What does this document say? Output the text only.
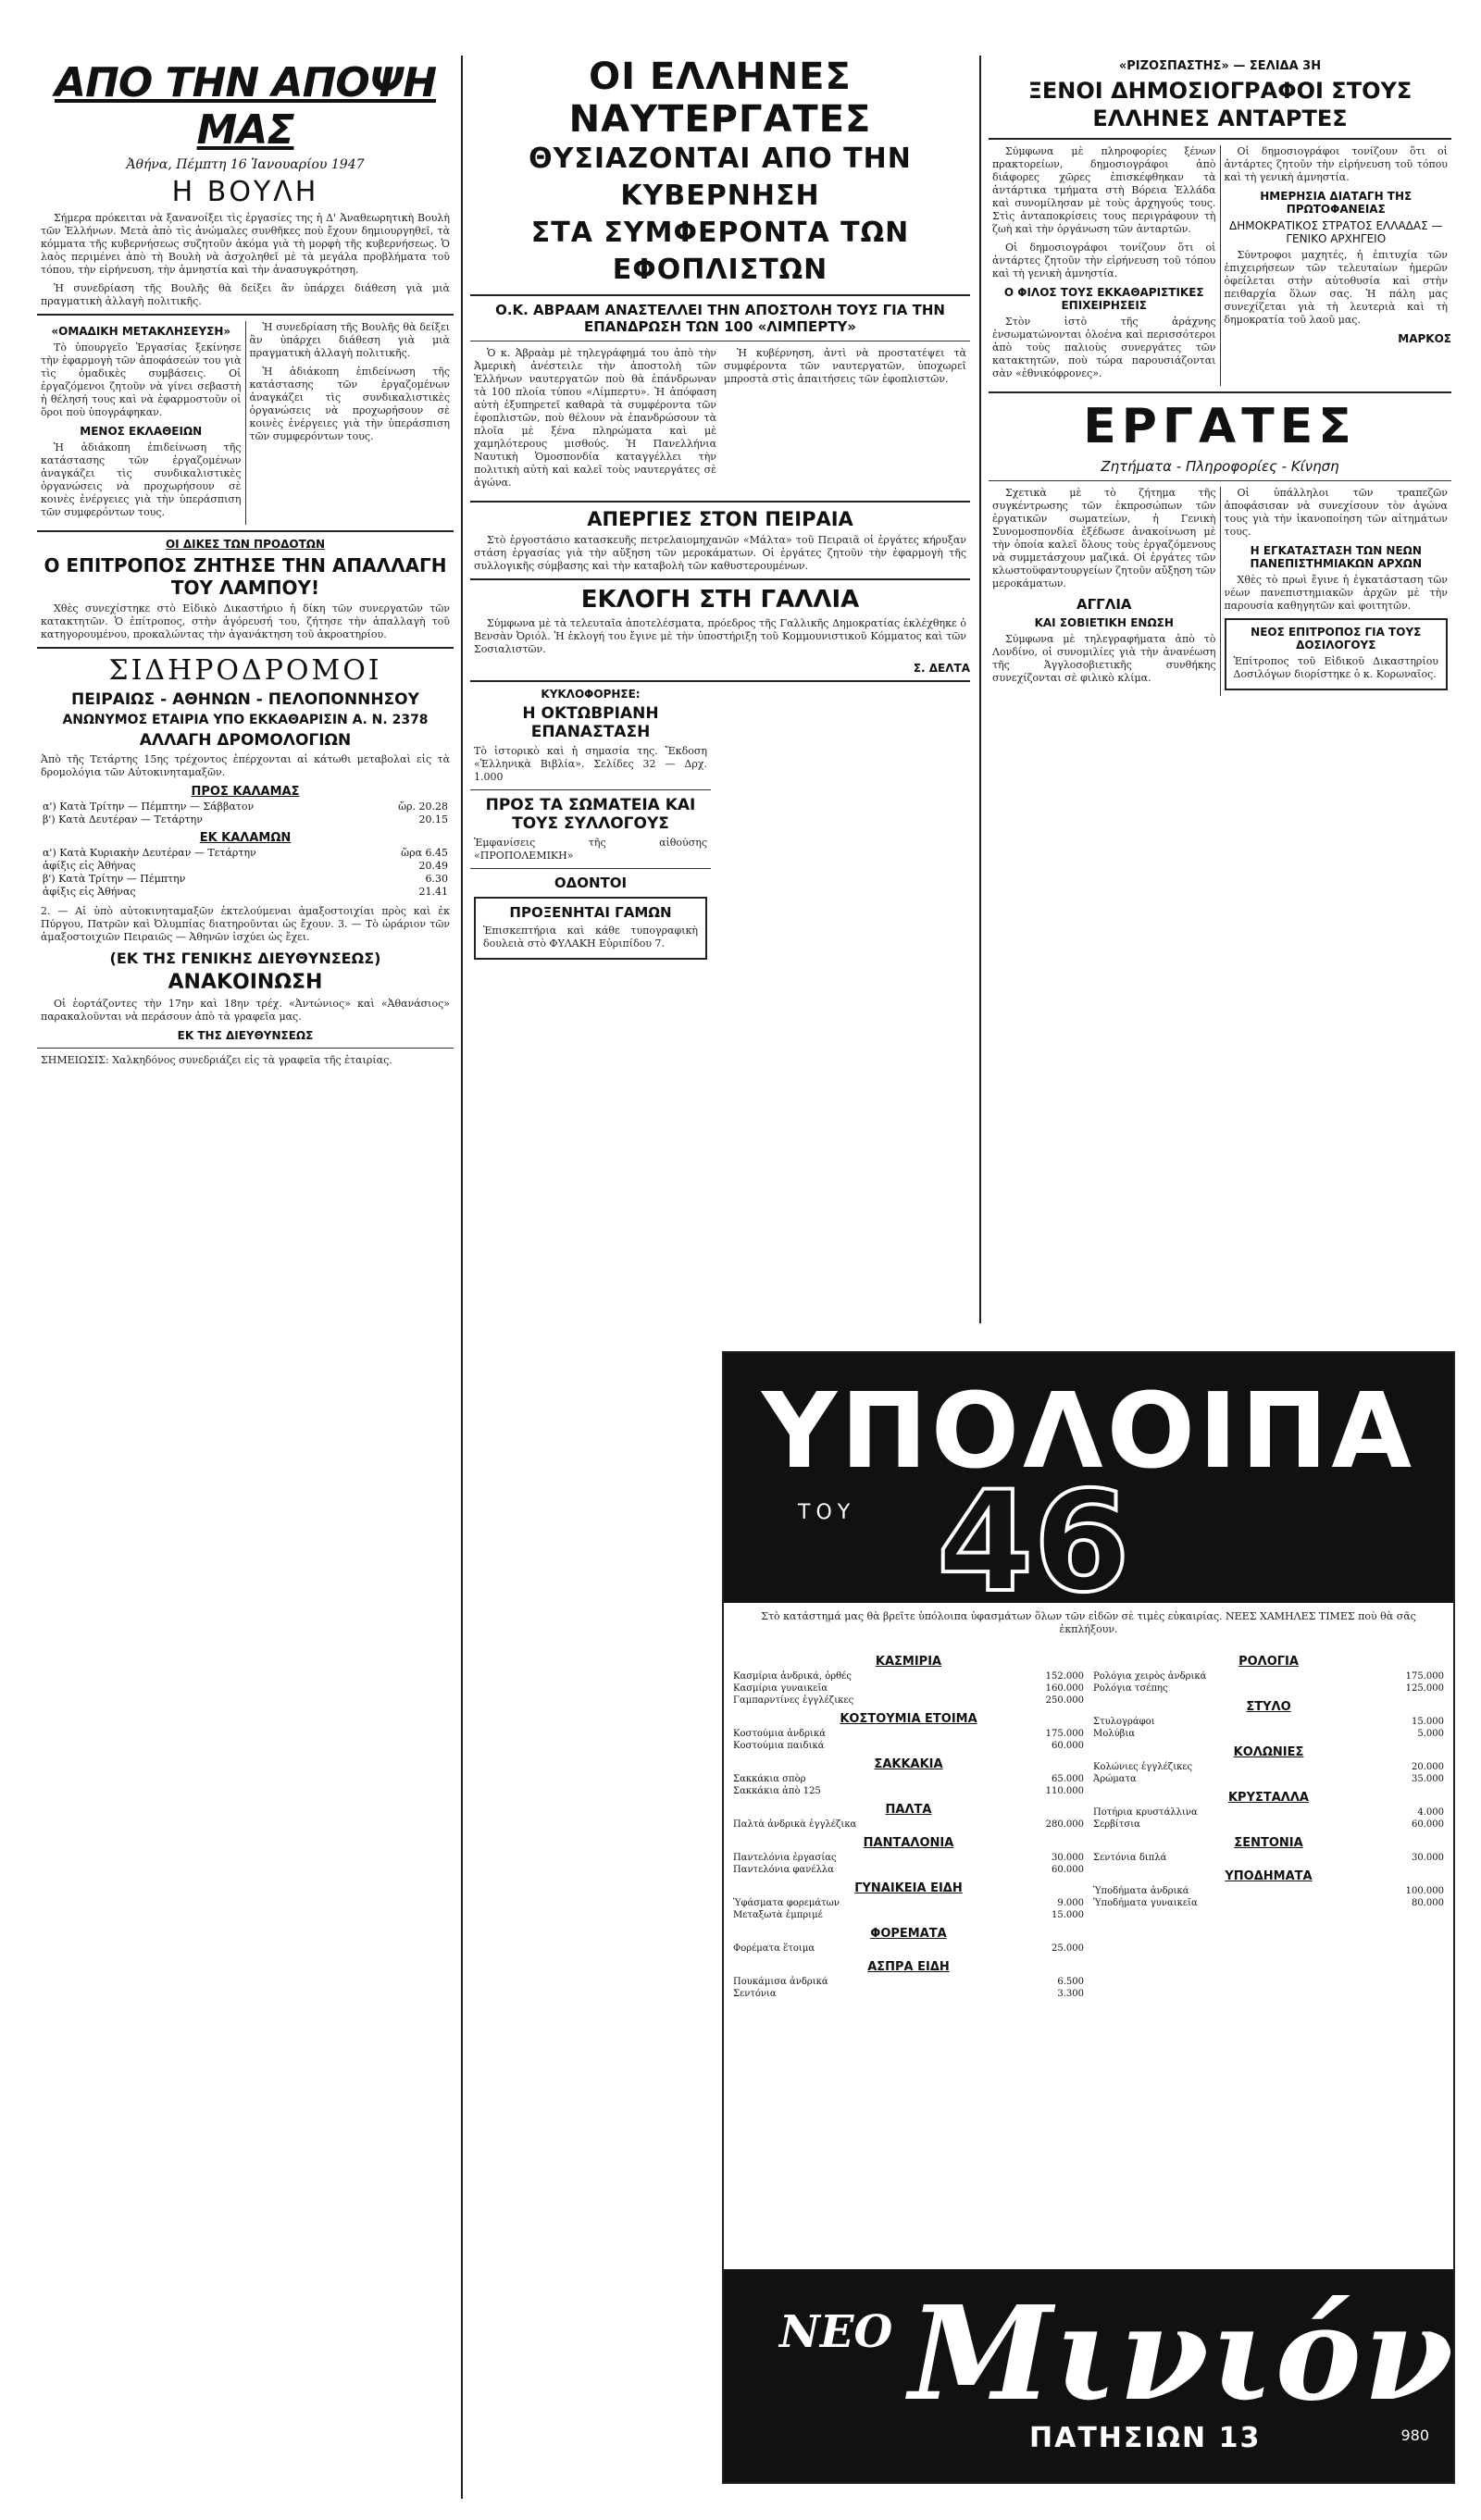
ΑΠΟ ΤΗΝ ΑΠΟΨΗ ΜΑΣ
Ἀθήνα, Πέμπτη 16 Ἰανουαρίου 1947
Η ΒΟΥΛΗ

Σήμερα πρόκειται νὰ ξανανοίξει τὶς ἐργασίες της ἡ Δ' Ἀναθεωρητικὴ Βουλὴ τῶν Ἑλλήνων. Μετὰ ἀπὸ τὶς ἀνώμαλες συνθῆκες ποὺ ἔχουν δημιουργηθεῖ, τὰ κόμματα τῆς κυβερνήσεως συζητοῦν ἀκόμα γιὰ τὴ μορφὴ τῆς κυβερνήσεως. Ὁ λαὸς περιμένει ἀπὸ τὴ Βουλὴ νὰ ἀσχοληθεῖ μὲ τὰ μεγάλα προβλήματα τοῦ τόπου, τὴν εἰρήνευση, τὴν ἀμνηστία καὶ τὴν ἀνασυγκρότηση.

Ἡ συνεδρίαση τῆς Βουλῆς θὰ δείξει ἂν ὑπάρχει διάθεση γιὰ μιὰ πραγματικὴ ἀλλαγὴ πολιτικῆς.

«ΟΜΑΔΙΚΗ ΜΕΤΑΚΛΗΣΕΥΣΗ»

Τὸ ὑπουργεῖο Ἐργασίας ξεκίνησε τὴν ἐφαρμογὴ τῶν ἀποφάσεών του γιὰ τὶς ὁμαδικὲς συμβάσεις. Οἱ ἐργαζόμενοι ζητοῦν νὰ γίνει σεβαστὴ ἡ θέλησή τους καὶ νὰ ἐφαρμοστοῦν οἱ ὅροι ποὺ ὑπογράφηκαν.

ΜΕΝΟΣ ΕΚΛΑΘΕΙΩΝ

Ἡ ἀδιάκοπη ἐπιδείνωση τῆς κατάστασης τῶν ἐργαζομένων ἀναγκάζει τὶς συνδικαλιστικὲς ὀργανώσεις νὰ προχωρήσουν σὲ κοινὲς ἐνέργειες γιὰ τὴν ὑπεράσπιση τῶν συμφερόντων τους.

Ἡ συνεδρίαση τῆς Βουλῆς θὰ δείξει ἂν ὑπάρχει διάθεση γιὰ μιὰ πραγματικὴ ἀλλαγὴ πολιτικῆς.

Ἡ ἀδιάκοπη ἐπιδείνωση τῆς κατάστασης τῶν ἐργαζομένων ἀναγκάζει τὶς συνδικαλιστικὲς ὀργανώσεις νὰ προχωρήσουν σὲ κοινὲς ἐνέργειες γιὰ τὴν ὑπεράσπιση τῶν συμφερόντων τους.

ΟΙ ΔΙΚΕΣ ΤΩΝ ΠΡΟΔΟΤΩΝ
Ο ΕΠΙΤΡΟΠΟΣ ΖΗΤΗΣΕ ΤΗΝ ΑΠΑΛΛΑΓΗ ΤΟΥ ΛΑΜΠΟΥ!

Χθὲς συνεχίστηκε στὸ Εἰδικὸ Δικαστήριο ἡ δίκη τῶν συνεργατῶν τῶν κατακτητῶν. Ὁ ἐπίτροπος, στὴν ἀγόρευσή του, ζήτησε τὴν ἀπαλλαγὴ τοῦ κατηγορουμένου, προκαλώντας τὴν ἀγανάκτηση τοῦ ἀκροατηρίου.

ΣΙΔΗΡΟΔΡΟΜΟΙ
ΠΕΙΡΑΙΩΣ - ΑΘΗΝΩΝ - ΠΕΛΟΠΟΝΝΗΣΟΥ
ΑΝΩΝΥΜΟΣ ΕΤΑΙΡΙΑ ΥΠΟ ΕΚΚΑΘΑΡΙΣΙΝ Α. Ν. 2378
ΑΛΛΑΓΗ ΔΡΟΜΟΛΟΓΙΩΝ

Ἀπὸ τῆς Τετάρτης 15ης τρέχοντος ἐπέρχονται αἱ κάτωθι μεταβολαὶ εἰς τὰ δρομολόγια τῶν Αὐτοκινηταμαξῶν.

ΠΡΟΣ ΚΑΛΑΜΑΣ
α') Κατὰ Τρίτην — Πέμπτην — Σάββατον	ὥρ. 20.28
β') Κατὰ Δευτέραν — Τετάρτην	20.15
ΕΚ ΚΑΛΑΜΩΝ
α') Κατὰ Κυριακὴν Δευτέραν — Τετάρτην	ὥρα 6.45
ἀφίξις εἰς Ἀθήνας	20.49
β') Κατὰ Τρίτην — Πέμπτην	6.30
ἀφίξις εἰς Ἀθήνας	21.41

2. — Αἱ ὑπὸ αὐτοκινηταμαξῶν ἐκτελούμεναι ἀμαξοστοιχίαι πρὸς καὶ ἐκ Πύργου, Πατρῶν καὶ Ὀλυμπίας διατηροῦνται ὡς ἔχουν. 3. — Τὸ ὡράριον τῶν ἀμαξοστοιχιῶν Πειραιῶς — Ἀθηνῶν ἰσχύει ὡς ἔχει.

(ΕΚ ΤΗΣ ΓΕΝΙΚΗΣ ΔΙΕΥΘΥΝΣΕΩΣ)
ΑΝΑΚΟΙΝΩΣΗ

Οἱ ἑορτάζοντες τὴν 17ην καὶ 18ην τρέχ. «Ἀντώνιος» καὶ «Ἀθανάσιος» παρακαλοῦνται νὰ περάσουν ἀπὸ τὰ γραφεῖα μας.

ΕΚ ΤΗΣ ΔΙΕΥΘΥΝΣΕΩΣ

ΣΗΜΕΙΩΣΙΣ: Χαλκηδόνος συνεδριάζει εἰς τὰ γραφεῖα τῆς ἑταιρίας.

ΟΙ ΕΛΛΗΝΕΣ ΝΑΥΤΕΡΓΑΤΕΣ
ΘΥΣΙΑΖΟΝΤΑΙ ΑΠΟ ΤΗΝ ΚΥΒΕΡΝΗΣΗ
ΣΤΑ ΣΥΜΦΕΡΟΝΤΑ ΤΩΝ ΕΦΟΠΛΙΣΤΩΝ
Ο.Κ. ΑΒΡΑΑΜ ΑΝΑΣΤΕΛΛΕΙ ΤΗΝ ΑΠΟΣΤΟΛΗ ΤΟΥΣ ΓΙΑ ΤΗΝ ΕΠΑΝΔΡΩΣΗ ΤΩΝ 100 «ΛΙΜΠΕΡΤΥ»

Ὁ κ. Ἀβραὰμ μὲ τηλεγράφημά του ἀπὸ τὴν Ἀμερικὴ ἀνέστειλε τὴν ἀποστολὴ τῶν Ἑλλήνων ναυτεργατῶν ποὺ θὰ ἐπάνδρωναν τὰ 100 πλοία τύπου «Λίμπερτυ». Ἡ ἀπόφαση αὐτὴ ἐξυπηρετεῖ καθαρὰ τὰ συμφέροντα τῶν ἐφοπλιστῶν, ποὺ θέλουν νὰ ἐπανδρώσουν τὰ πλοῖα μὲ ξένα πληρώματα καὶ μὲ χαμηλότερους μισθούς. Ἡ Πανελλήνια Ναυτικὴ Ὁμοσπονδία καταγγέλλει τὴν πολιτικὴ αὐτὴ καὶ καλεῖ τοὺς ναυτεργάτες σὲ ἀγώνα.

Ἡ κυβέρνηση, ἀντὶ νὰ προστατέψει τὰ συμφέροντα τῶν ναυτεργατῶν, ὑποχωρεῖ μπροστὰ στὶς ἀπαιτήσεις τῶν ἐφοπλιστῶν.

ΑΠΕΡΓΙΕΣ ΣΤΟΝ ΠΕΙΡΑΙΑ

Στὸ ἐργοστάσιο κατασκευῆς πετρελαιομηχανῶν «Μάλτα» τοῦ Πειραιᾶ οἱ ἐργάτες κήρυξαν στάση ἐργασίας γιὰ τὴν αὔξηση τῶν μεροκάματων. Οἱ ἐργάτες ζητοῦν τὴν ἐφαρμογὴ τῆς συλλογικῆς σύμβασης καὶ τὴν καταβολὴ τῶν καθυστερουμένων.

ΕΚΛΟΓΗ ΣΤΗ ΓΑΛΛΙΑ

Σύμφωνα μὲ τὰ τελευταῖα ἀποτελέσματα, πρόεδρος τῆς Γαλλικῆς Δημοκρατίας ἐκλέχθηκε ὁ Βενσὰν Ὀριόλ. Ἡ ἐκλογή του ἔγινε μὲ τὴν ὑποστήριξη τοῦ Κομμουνιστικοῦ Κόμματος καὶ τῶν Σοσιαλιστῶν.

Σ. ΔΕΛΤΑ
ΚΥΚΛΟΦΟΡΗΣΕ:
Η ΟΚΤΩΒΡΙΑΝΗ ΕΠΑΝΑΣΤΑΣΗ

Τὸ ἱστορικὸ καὶ ἡ σημασία της. Ἔκδοση «Ἑλληνικὰ Βιβλία». Σελίδες 32 — Δρχ. 1.000

ΠΡΟΣ ΤΑ ΣΩΜΑΤΕΙΑ ΚΑΙ ΤΟΥΣ ΣΥΛΛΟΓΟΥΣ

Ἐμφανίσεις τῆς αἰθούσης «ΠΡΟΠΟΛΕΜΙΚΗ»

ΟΔΟΝΤΟΙ
ΠΡΟΞΕΝΗΤΑΙ ΓΑΜΩΝ

Ἐπισκεπτήρια καὶ κάθε τυπογραφικὴ δουλειὰ στὸ ΦΥΛΑΚΗ Εὐριπίδου 7.

«ΡΙΖΟΣΠΑΣΤΗΣ» — ΣΕΛΙΔΑ 3Η
ΞΕΝΟΙ ΔΗΜΟΣΙΟΓΡΑΦΟΙ ΣΤΟΥΣ ΕΛΛΗΝΕΣ ΑΝΤΑΡΤΕΣ

Σύμφωνα μὲ πληροφορίες ξένων πρακτορείων, δημοσιογράφοι ἀπὸ διάφορες χῶρες ἐπισκέφθηκαν τὰ ἀντάρτικα τμήματα στὴ Βόρεια Ἑλλάδα καὶ συνομίλησαν μὲ τοὺς ἀρχηγούς τους. Στὶς ἀνταποκρίσεις τους περιγράφουν τὴ ζωὴ καὶ τὴν ὀργάνωση τῶν ἀνταρτῶν.

Οἱ δημοσιογράφοι τονίζουν ὅτι οἱ ἀντάρτες ζητοῦν τὴν εἰρήνευση τοῦ τόπου καὶ τὴ γενικὴ ἀμνηστία.

Ο ΦΙΛΟΣ ΤΟΥΣ ΕΚΚΑΘΑΡΙΣΤΙΚΕΣ ΕΠΙΧΕΙΡΗΣΕΙΣ

Στὸν ἱστὸ τῆς ἀράχνης ἐνσωματώνονται ὁλοένα καὶ περισσότεροι ἀπὸ τοὺς παλιοὺς συνεργάτες τῶν κατακτητῶν, ποὺ τώρα παρουσιάζονται σὰν «ἐθνικόφρονες».

Οἱ δημοσιογράφοι τονίζουν ὅτι οἱ ἀντάρτες ζητοῦν τὴν εἰρήνευση τοῦ τόπου καὶ τὴ γενικὴ ἀμνηστία.

ΗΜΕΡΗΣΙΑ ΔΙΑΤΑΓΗ ΤΗΣ ΠΡΩΤΟΦΑΝΕΙΑΣ
ΔΗΜΟΚΡΑΤΙΚΟΣ ΣΤΡΑΤΟΣ ΕΛΛΑΔΑΣ — ΓΕΝΙΚΟ ΑΡΧΗΓΕΙΟ

Σύντροφοι μαχητές, ἡ ἐπιτυχία τῶν ἐπιχειρήσεων τῶν τελευταίων ἡμερῶν ὀφείλεται στὴν αὐτοθυσία καὶ στὴν πειθαρχία ὅλων σας. Ἡ πάλη μας συνεχίζεται γιὰ τὴ λευτεριὰ καὶ τὴ δημοκρατία τοῦ λαοῦ μας.

ΜΑΡΚΟΣ
ΕΡΓΑΤΕΣ
Ζητήματα - Πληροφορίες - Κίνηση

Σχετικὰ μὲ τὸ ζήτημα τῆς συγκέντρωσης τῶν ἐκπροσώπων τῶν ἐργατικῶν σωματείων, ἡ Γενικὴ Συνομοσπονδία ἐξέδωσε ἀνακοίνωση μὲ τὴν ὁποία καλεῖ ὅλους τοὺς ἐργαζόμενους νὰ συμμετάσχουν μαζικά. Οἱ ἐργάτες τῶν κλωστοϋφαντουργείων ζητοῦν αὔξηση τῶν μεροκάματων.

ΑΓΓΛΙΑ
ΚΑΙ ΣΟΒΙΕΤΙΚΗ ΕΝΩΣΗ

Σύμφωνα μὲ τηλεγραφήματα ἀπὸ τὸ Λονδίνο, οἱ συνομιλίες γιὰ τὴν ἀνανέωση τῆς Ἀγγλοσοβιετικῆς συνθήκης συνεχίζονται σὲ φιλικὸ κλίμα.

Οἱ ὑπάλληλοι τῶν τραπεζῶν ἀποφάσισαν νὰ συνεχίσουν τὸν ἀγώνα τους γιὰ τὴν ἱκανοποίηση τῶν αἰτημάτων τους.

Η ΕΓΚΑΤΑΣΤΑΣΗ ΤΩΝ ΝΕΩΝ ΠΑΝΕΠΙΣΤΗΜΙΑΚΩΝ ΑΡΧΩΝ

Χθὲς τὸ πρωὶ ἔγινε ἡ ἐγκατάσταση τῶν νέων πανεπιστημιακῶν ἀρχῶν μὲ τὴν παρουσία καθηγητῶν καὶ φοιτητῶν.

ΝΕΟΣ ΕΠΙΤΡΟΠΟΣ ΓΙΑ ΤΟΥΣ ΔΟΣΙΛΟΓΟΥΣ

Ἐπίτροπος τοῦ Εἰδικοῦ Δικαστηρίου Δοσιλόγων διορίστηκε ὁ κ. Κορωναῖος.

ΥΠΟΛΟΙΠΑ
ΤΟΥ 46

Στὸ κατάστημά μας θὰ βρεῖτε ὑπόλοιπα ὑφασμάτων ὅλων τῶν εἰδῶν σὲ τιμὲς εὐκαιρίας. ΝΕΕΣ ΧΑΜΗΛΕΣ ΤΙΜΕΣ ποὺ θὰ σᾶς ἐκπλήξουν.

ΚΑΣΜΙΡΙΑ
Κασμίρια ἀνδρικά, ὀρθές	152.000
Κασμίρια γυναικεῖα	160.000
Γαμπαρντίνες ἐγγλέζικες	250.000
ΚΟΣΤΟΥΜΙΑ ΕΤΟΙΜΑ
Κοστούμια ἀνδρικά	175.000
Κοστούμια παιδικά	60.000
ΣΑΚΚΑΚΙΑ
Σακκάκια σπὸρ	65.000
Σακκάκια ἀπὸ 125	110.000
ΠΑΛΤΑ
Παλτὰ ἀνδρικὰ ἐγγλέζικα	280.000
ΠΑΝΤΑΛΟΝΙΑ
Παντελόνια ἐργασίας	30.000
Παντελόνια φανέλλα	60.000
ΓΥΝΑΙΚΕΙΑ ΕΙΔΗ
Ὑφάσματα φορεμάτων	9.000
Μεταξωτὰ ἐμπριμέ	15.000
ΦΟΡΕΜΑΤΑ
Φορέματα ἕτοιμα	25.000
ΑΣΠΡΑ ΕΙΔΗ
Πουκάμισα ἀνδρικά	6.500
Σεντόνια	3.300
ΡΟΛΟΓΙΑ
Ρολόγια χειρὸς ἀνδρικά	175.000
Ρολόγια τσέπης	125.000
ΣΤΥΛΟ
Στυλογράφοι	15.000
Μολύβια	5.000
ΚΟΛΩΝΙΕΣ
Κολώνιες ἐγγλέζικες	20.000
Ἀρώματα	35.000
ΚΡΥΣΤΑΛΛΑ
Ποτήρια κρυστάλλινα	4.000
Σερβίτσια	60.000
ΣΕΝΤΟΝΙΑ
Σεντόνια διπλά	30.000
ΥΠΟΔΗΜΑΤΑ
Ὑποδήματα ἀνδρικά	100.000
Ὑποδήματα γυναικεῖα	80.000
ΝΕΟ Μινιόν
ΠΑΤΗΣΙΩΝ 13	980
